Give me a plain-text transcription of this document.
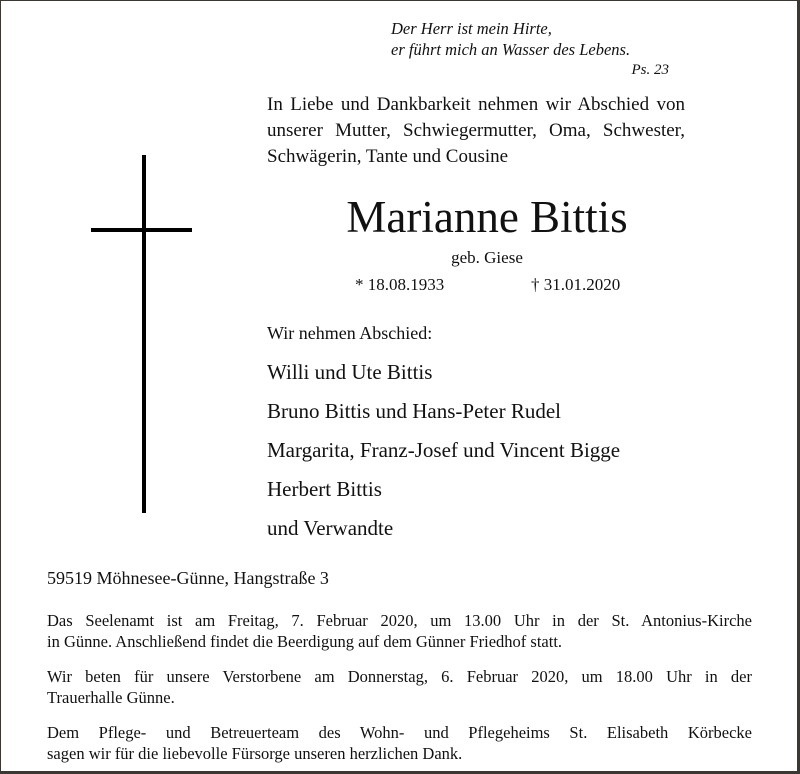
Der Herr ist mein Hirte,
er führt mich an Wasser des Lebens.
Ps. 23
In Liebe und Dankbarkeit nehmen wir Abschied von
unserer Mutter, Schwiegermutter, Oma, Schwester,
Schwägerin, Tante und Cousine
Marianne Bittis
geb. Giese
* 18.08.1933	† 31.01.2020
Wir nehmen Abschied:
Willi und Ute Bittis
Bruno Bittis und Hans-Peter Rudel
Margarita, Franz-Josef und Vincent Bigge
Herbert Bittis
und Verwandte
59519 Möhnesee-Günne, Hangstraße 3
Das Seelenamt ist am Freitag, 7. Februar 2020, um 13.00 Uhr in der St. Antonius-Kirche
in Günne. Anschließend findet die Beerdigung auf dem Günner Friedhof statt.
Wir beten für unsere Verstorbene am Donnerstag, 6. Februar 2020, um 18.00 Uhr in der
Trauerhalle Günne.
Dem Pflege- und Betreuerteam des Wohn- und Pflegeheims St. Elisabeth Körbecke
sagen wir für die liebevolle Fürsorge unseren herzlichen Dank.
